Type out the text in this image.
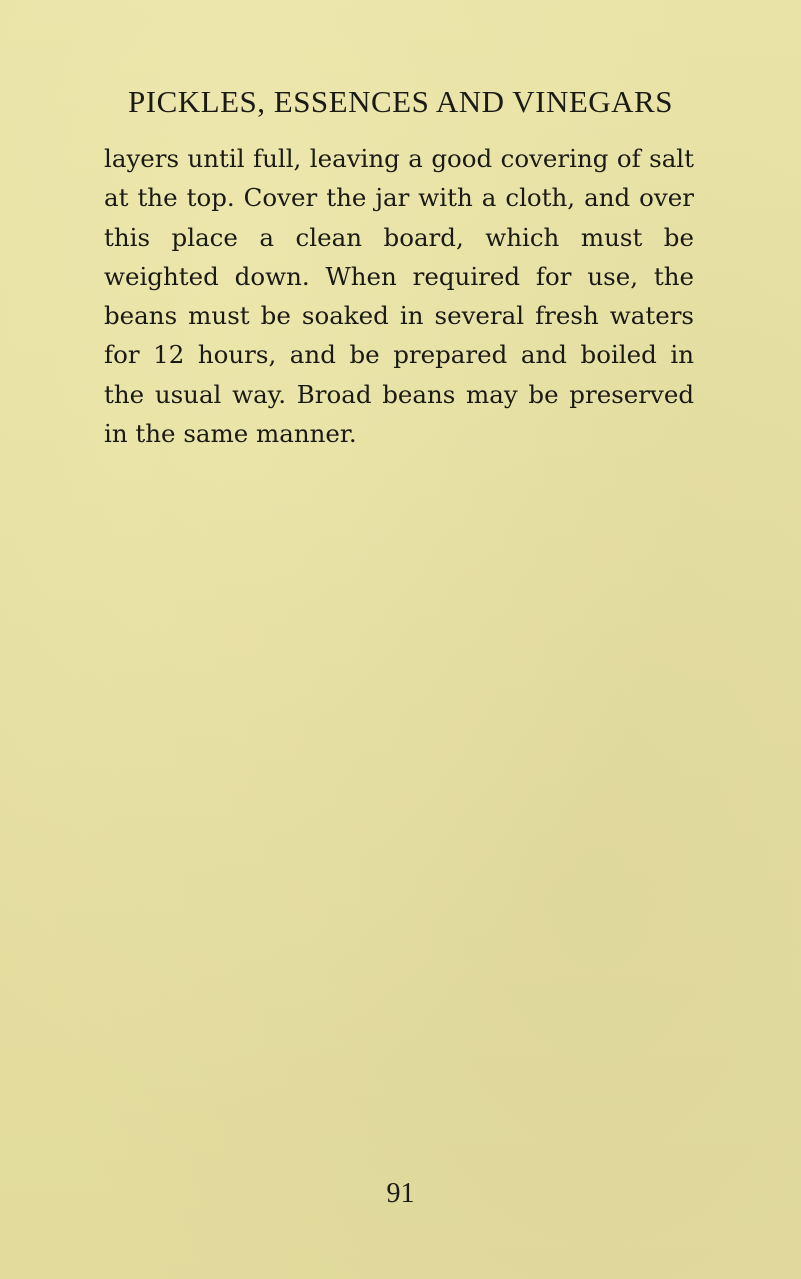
PICKLES, ESSENCES AND VINEGARS

layers until full, leaving a good covering of salt at the top. Cover the jar with a cloth, and over this place a clean board, which must be weighted down. When required for use, the beans must be soaked in several fresh waters for 12 hours, and be prepared and boiled in the usual way. Broad beans may be preserved in the same manner.

91
